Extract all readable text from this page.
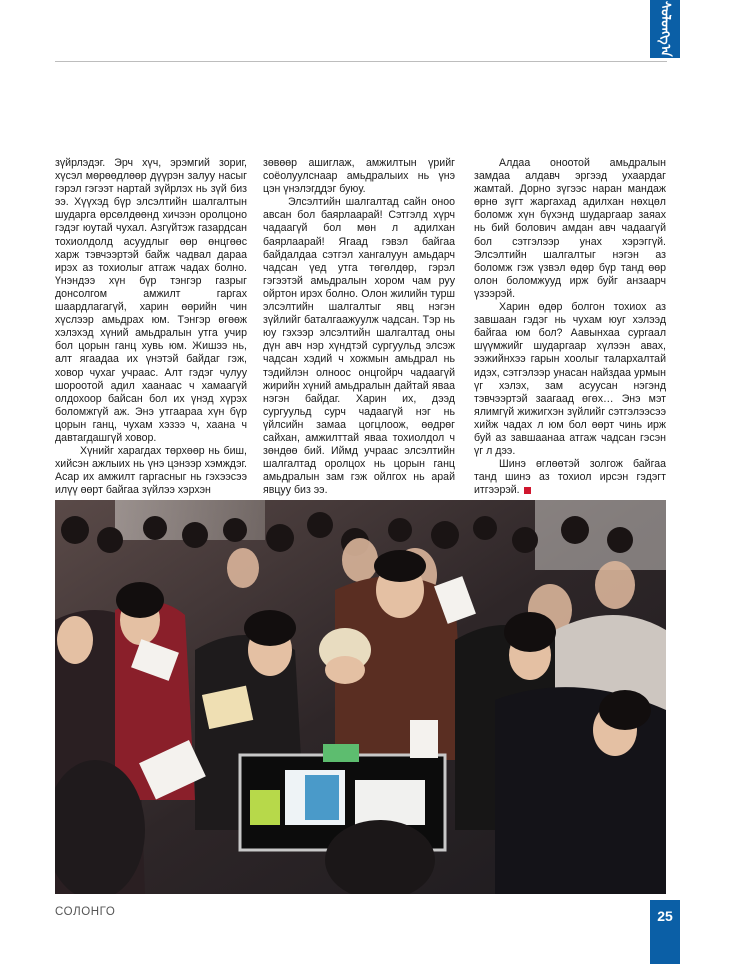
ᠰᠣᠯᠣᠩᠭ᠎ᠠ

зүйрлэдэг. Эрч хүч, эрэмгий зориг, хүсэл мөрөөдлөөр дүүрэн залуу насыг гэрэл гэгээт нартай зүйрлэх нь зүй биз ээ. Хүүхэд бүр элсэлтийн шалгалтын шударга өрсөлдөөнд хичээн оролцоно гэдэг юутай чухал. Азгүйтэж газардсан тохиолдолд асуудлыг өөр өнцгөөс харж тэвчээртэй байж чадвал дараа ирэх аз тохиолыг атгаж чадах болно. Үнэндээ хүн бүр тэнгэр газрыг донсолгом амжилт гаргах шаардлагагүй, харин өөрийн чин хүслээр амьдрах юм. Тэнгэр өгөөж хэлэхэд хүний амьдралын утга учир бол цорын ганц хувь юм. Жишээ нь, алт ягаадаа их үнэтэй байдаг гэж, ховор чухаг учраас. Алт гэдэг чулуу шороотой адил хаанаас ч хамаагүй олдохоор байсан бол их үнэд хүрэх боломжгүй аж. Энэ утгаараа хүн бүр цорын ганц, чухам хэзээ ч, хаана ч давтагдашгүй ховор.

Хүнийг харагдах төрхөөр нь биш, хийсэн ажлыих нь үнэ цэнээр хэмждэг. Асар их амжилт гаргасныг нь гэхээсээ илүү өөрт байгаа зүйлээ хэрхэн

зөвөөр ашиглаж, амжилтын үрийг соёолуулснаар амьдралыих нь үнэ цэн үнэлэгддэг буюу.

Элсэлтийн шалгалтад сайн оноо авсан бол баярлаарай! Сэтгэлд хүрч чадаагүй бол мөн л адилхан баярлаарай! Ягаад гэвэл байгаа байдалдаа сэтгэл хангалуун амьдарч чадсан үед утга төгөлдөр, гэрэл гэгээтэй амьдралын хором чам руу ойртон ирэх болно. Олон жилийн турш элсэлтийн шалгалтыг явц нэгэн зүйлийг баталгаажуулж чадсан. Тэр нь юу гэхээр элсэлтийн шалгалтад оны дүн авч нэр хүндтэй сургуульд элсэж чадсан хэдий ч хожмын амьдрал нь тэдийлэн олноос онцгойрч чадаагүй жирийн хүний амьдралын дайтай яваа нэгэн байдаг. Харин их, дээд сургуульд сурч чадаагүй нэг нь үйлсийн замаа цогцлоож, өөдрөг сайхан, амжилттай яваа тохиолдол ч зөндөө бий. Иймд учраас элсэлтийн шалгалтад оролцох нь цорын ганц амьдралын зам гэж ойлгох нь арай явцуу биз ээ.

Алдаа оноотой амьдралын замдаа алдавч эргээд ухаардаг жамтай. Дорно зүгээс наран мандаж өрнө зүгт жаргахад адилхан нөхцөл боломж хүн бүхэнд шударгаар заяах нь бий болович амдан авч чадаагүй бол сэтгэлээр унах хэрэггүй. Элсэлтийн шалгалтыг нэгэн аз боломж гэж үзвэл өдөр бүр танд өөр олон боломжууд ирж буйг анзаарч үзээрэй.

Харин өдөр болгон тохиох аз завшаан гэдэг нь чухам юуг хэлээд байгаа юм бол? Аавынхаа сургаал шүүмжийг шударгаар хүлээн авах, ээжийнхээ гарын хоолыг талархалтай идэх, сэтгэлээр унасан найздаа урмын үг хэлэх, зам асуусан нэгэнд тэвчээртэй заагаад өгөх… Энэ мэт ялимгүй жижигхэн зүйлийг сэтгэлээсээ хийж чадах л юм бол өөрт чинь ирж буй аз завшаанаа атгаж чадсан гэсэн үг л дээ.

Шинэ өглөөтэй золгож байгаа танд шинэ аз тохиол ирсэн гэдэгт итгээрэй.

СОЛОНГО	25
